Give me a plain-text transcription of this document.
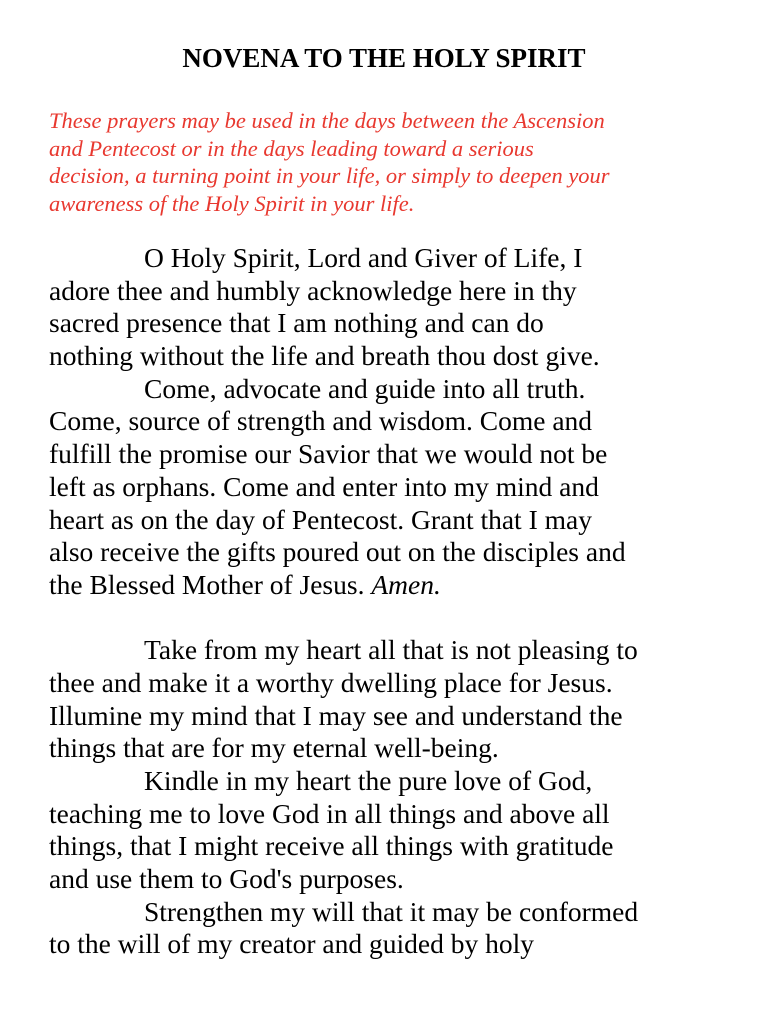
NOVENA TO THE HOLY SPIRIT
These prayers may be used in the days between the Ascension
and Pentecost or in the days leading toward a serious
decision, a turning point in your life, or simply to deepen your
awareness of the Holy Spirit in your life.
O Holy Spirit, Lord and Giver of Life, I
adore thee and humbly acknowledge here in thy
sacred presence that I am nothing and can do
nothing without the life and breath thou dost give.
Come, advocate and guide into all truth.
Come, source of strength and wisdom. Come and
fulfill the promise our Savior that we would not be
left as orphans. Come and enter into my mind and
heart as on the day of Pentecost. Grant that I may
also receive the gifts poured out on the disciples and
the Blessed Mother of Jesus. Amen.
Take from my heart all that is not pleasing to
thee and make it a worthy dwelling place for Jesus.
Illumine my mind that I may see and understand the
things that are for my eternal well-being.
Kindle in my heart the pure love of God,
teaching me to love God in all things and above all
things, that I might receive all things with gratitude
and use them to God's purposes.
Strengthen my will that it may be conformed
to the will of my creator and guided by holy
